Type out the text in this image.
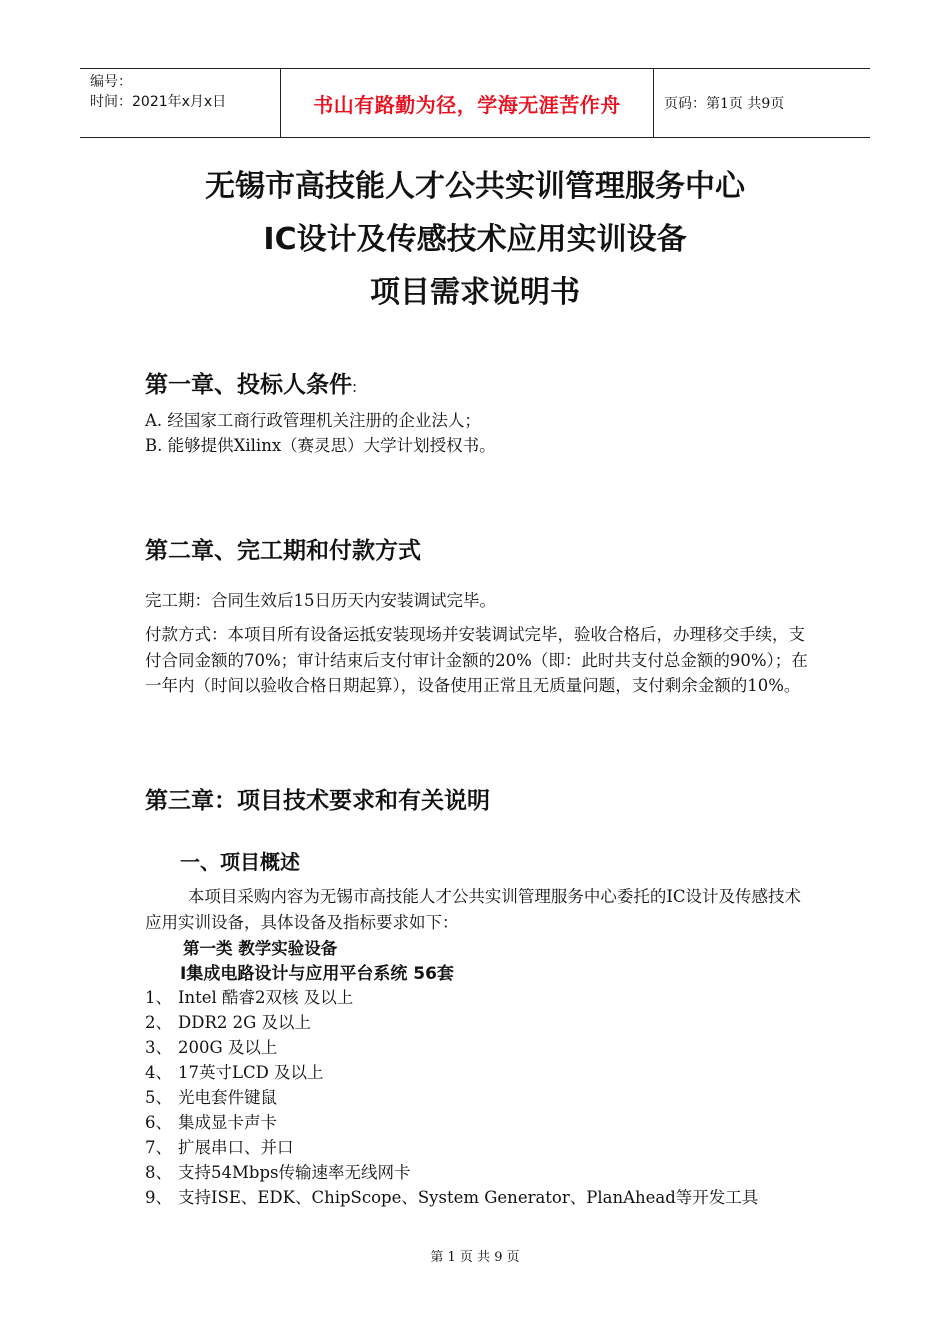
编号：
时间：2021年x月x日	书山有路勤为径，学海无涯苦作舟	页码：第1页 共9页
无锡市高技能人才公共实训管理服务中心
IC设计及传感技术应用实训设备
项目需求说明书
第一章、投标人条件:
A. 经国家工商行政管理机关注册的企业法人；
B. 能够提供Xilinx（赛灵思）大学计划授权书。
第二章、完工期和付款方式
完工期：合同生效后15日历天内安装调试完毕。
付款方式：本项目所有设备运抵安装现场并安装调试完毕，验收合格后，办理移交手续，支付合同金额的70%；审计结束后支付审计金额的20%（即：此时共支付总金额的90%）；在一年内（时间以验收合格日期起算），设备使用正常且无质量问题，支付剩余金额的10%。
第三章：项目技术要求和有关说明
一、项目概述
本项目采购内容为无锡市高技能人才公共实训管理服务中心委托的IC设计及传感技术应用实训设备，具体设备及指标要求如下：
第一类 教学实验设备
Ⅰ集成电路设计与应用平台系统 56套
1、 Intel 酷睿2双核 及以上
2、 DDR2 2G 及以上
3、 200G 及以上
4、 17英寸LCD 及以上
5、 光电套件键鼠
6、 集成显卡声卡
7、 扩展串口、并口
8、 支持54Mbps传输速率无线网卡
9、 支持ISE、EDK、ChipScope、System Generator、PlanAhead等开发工具
第 1 页 共 9 页
